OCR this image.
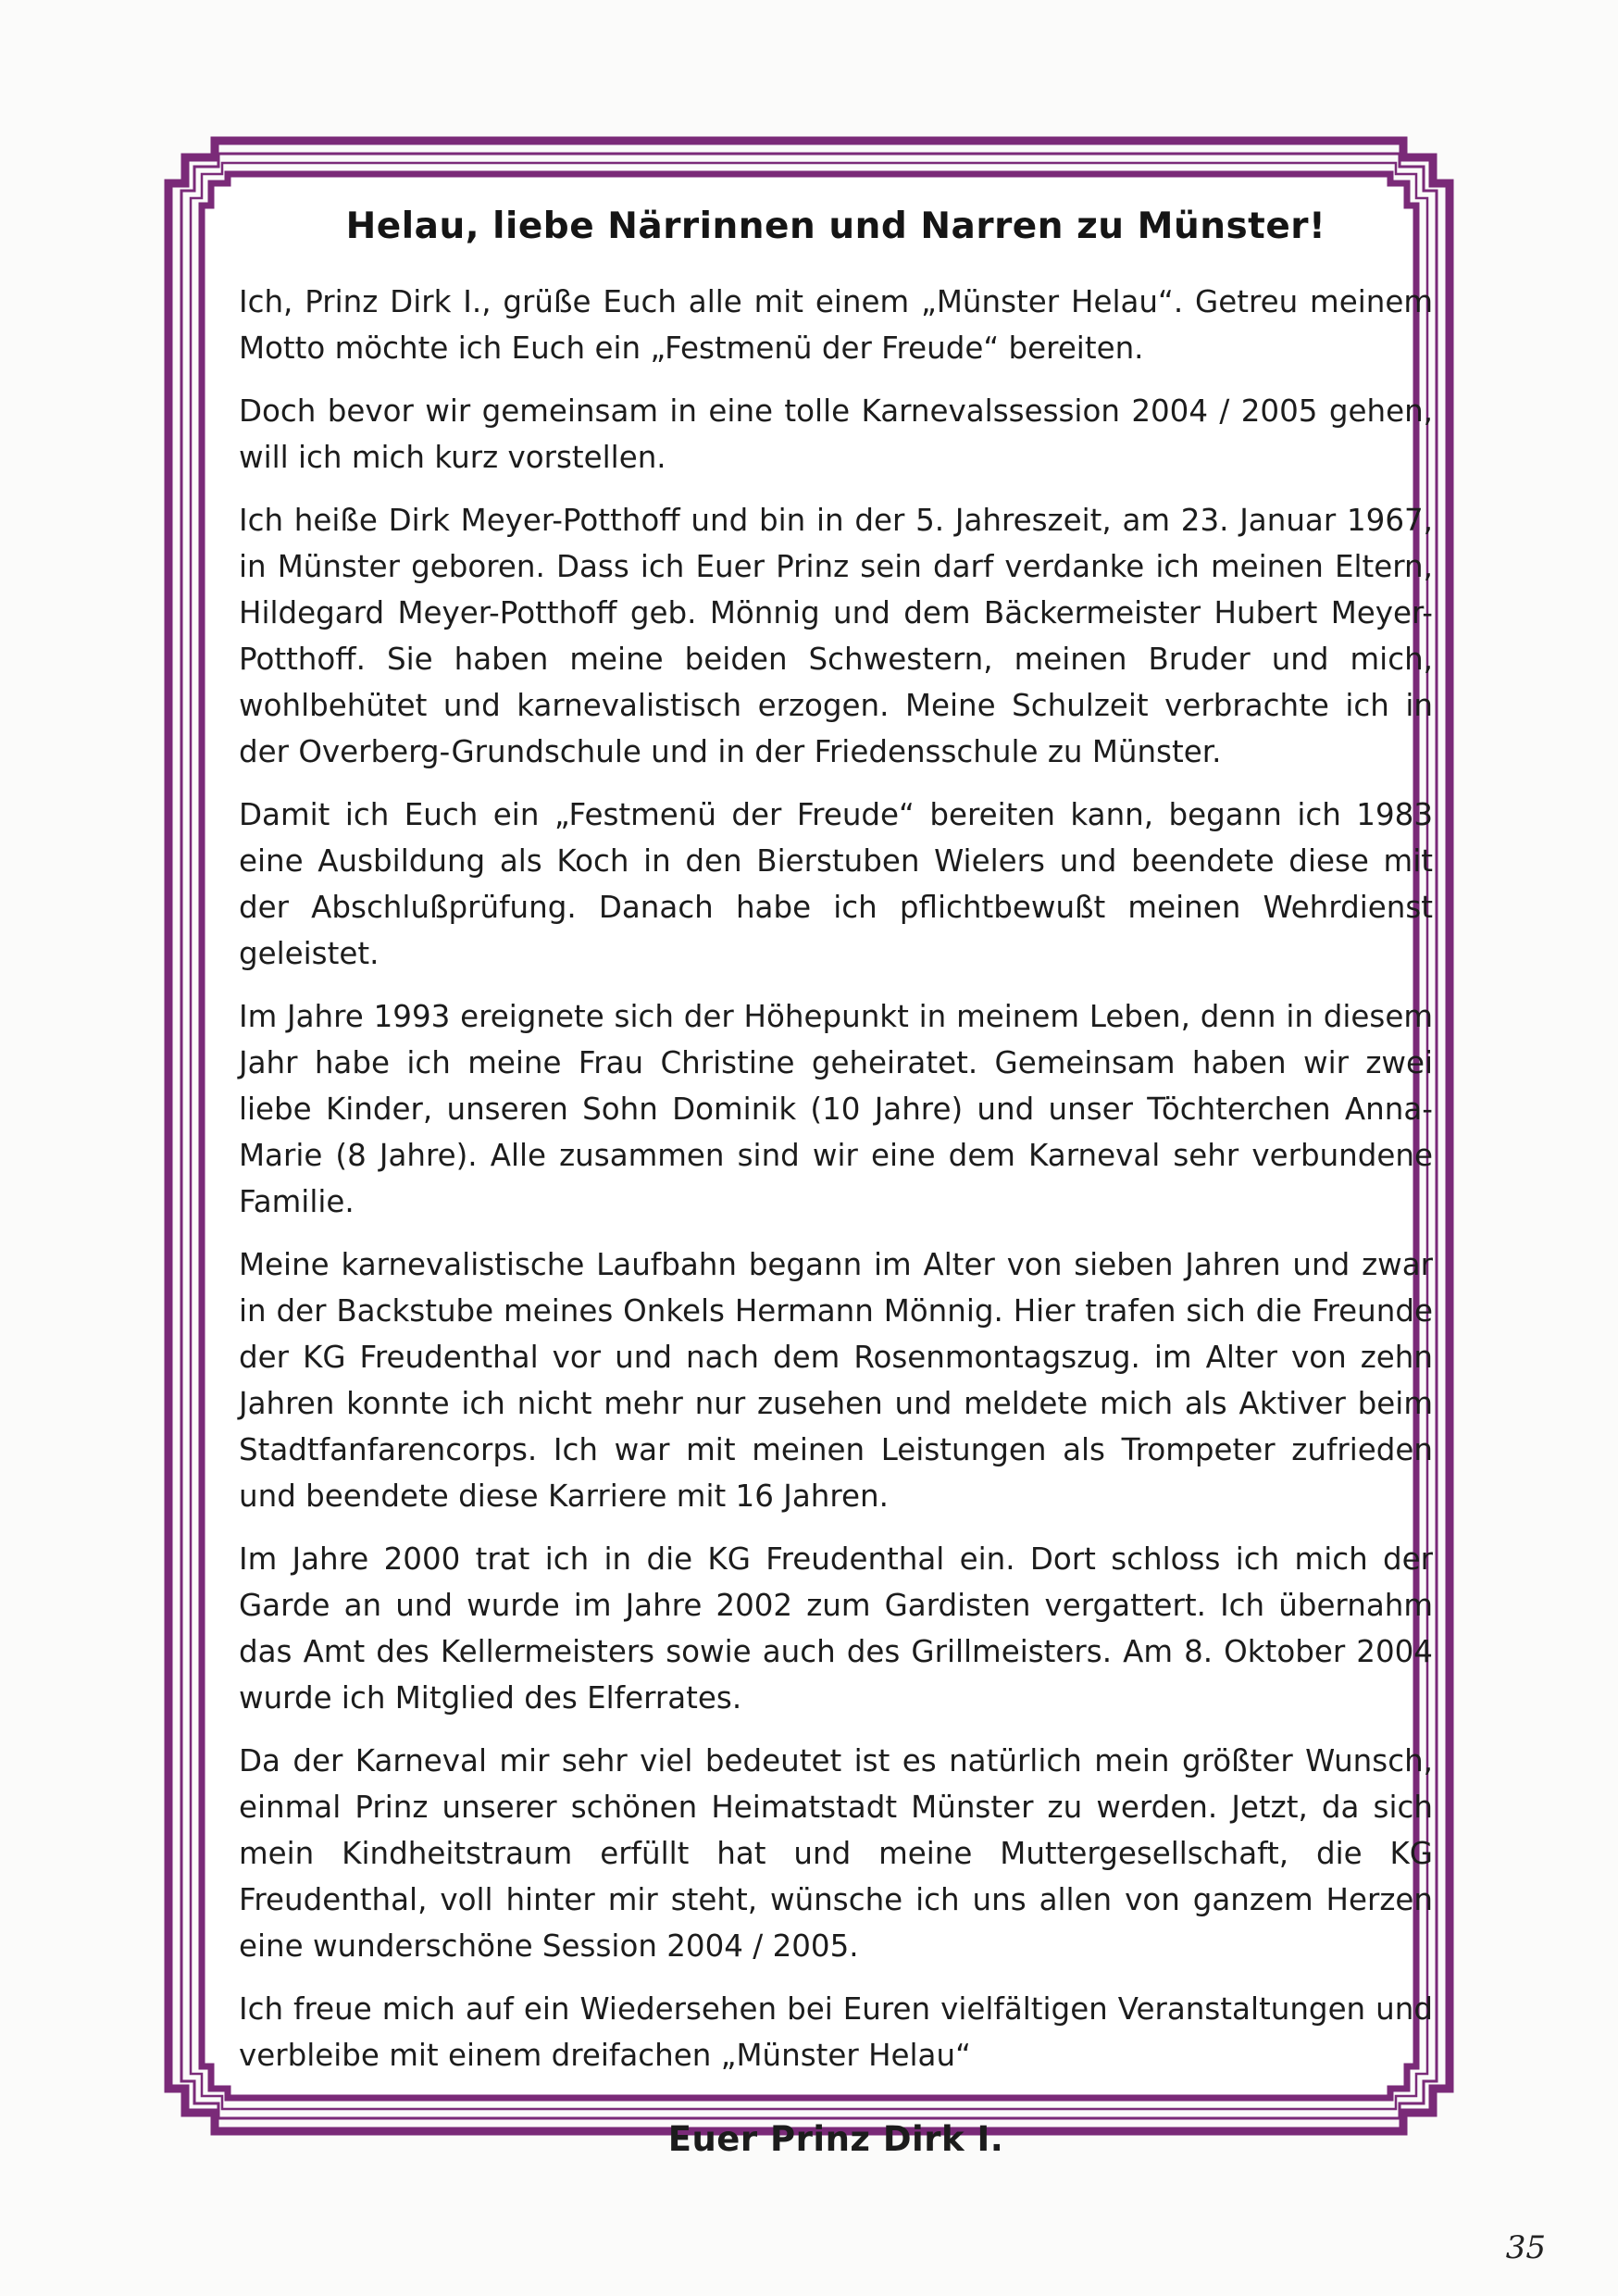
Helau, liebe Närrinnen und Narren zu Münster!

Ich, Prinz Dirk I., grüße Euch alle mit einem „Münster Helau“. Getreu meinem Motto möchte ich Euch ein „Festmenü der Freude“ bereiten.

Doch bevor wir gemeinsam in eine tolle Karnevalssession 2004 / 2005 gehen, will ich mich kurz vorstellen.

Ich heiße Dirk Meyer-Potthoff und bin in der 5. Jahreszeit, am 23. Januar 1967, in Münster geboren. Dass ich Euer Prinz sein darf verdanke ich meinen Eltern, Hildegard Meyer-Potthoff geb. Mönnig und dem Bäckermeister Hubert Meyer-Potthoff. Sie haben meine beiden Schwestern, meinen Bruder und mich, wohlbehütet und karnevalistisch erzogen. Meine Schulzeit verbrachte ich in der Overberg-Grundschule und in der Friedensschule zu Münster.

Damit ich Euch ein „Festmenü der Freude“ bereiten kann, begann ich 1983 eine Ausbildung als Koch in den Bierstuben Wielers und beendete diese mit der Abschlußprüfung. Danach habe ich pflichtbewußt meinen Wehrdienst geleistet.

Im Jahre 1993 ereignete sich der Höhepunkt in meinem Leben, denn in diesem Jahr habe ich meine Frau Christine geheiratet. Gemeinsam haben wir zwei liebe Kinder, unseren Sohn Dominik (10 Jahre) und unser Töchterchen Anna-Marie (8 Jahre). Alle zusammen sind wir eine dem Karneval sehr verbundene Familie.

Meine karnevalistische Laufbahn begann im Alter von sieben Jahren und zwar in der Backstube meines Onkels Hermann Mönnig. Hier trafen sich die Freunde der KG Freudenthal vor und nach dem Rosenmontagszug. im Alter von zehn Jahren konnte ich nicht mehr nur zusehen und meldete mich als Aktiver beim Stadtfanfarencorps. Ich war mit meinen Leistungen als Trompeter zufrieden und beendete diese Karriere mit 16 Jahren.

Im Jahre 2000 trat ich in die KG Freudenthal ein. Dort schloss ich mich der Garde an und wurde im Jahre 2002 zum Gardisten vergattert. Ich übernahm das Amt des Kellermeisters sowie auch des Grillmeisters. Am 8. Oktober 2004 wurde ich Mitglied des Elferrates.

Da der Karneval mir sehr viel bedeutet ist es natürlich mein größter Wunsch, einmal Prinz unserer schönen Heimatstadt Münster zu werden. Jetzt, da sich mein Kindheitstraum erfüllt hat und meine Muttergesellschaft, die KG Freudenthal, voll hinter mir steht, wünsche ich uns allen von ganzem Herzen eine wunderschöne Session 2004 / 2005.

Ich freue mich auf ein Wiedersehen bei Euren vielfältigen Veranstaltungen und verbleibe mit einem dreifachen „Münster Helau“

Euer Prinz Dirk I.
35
